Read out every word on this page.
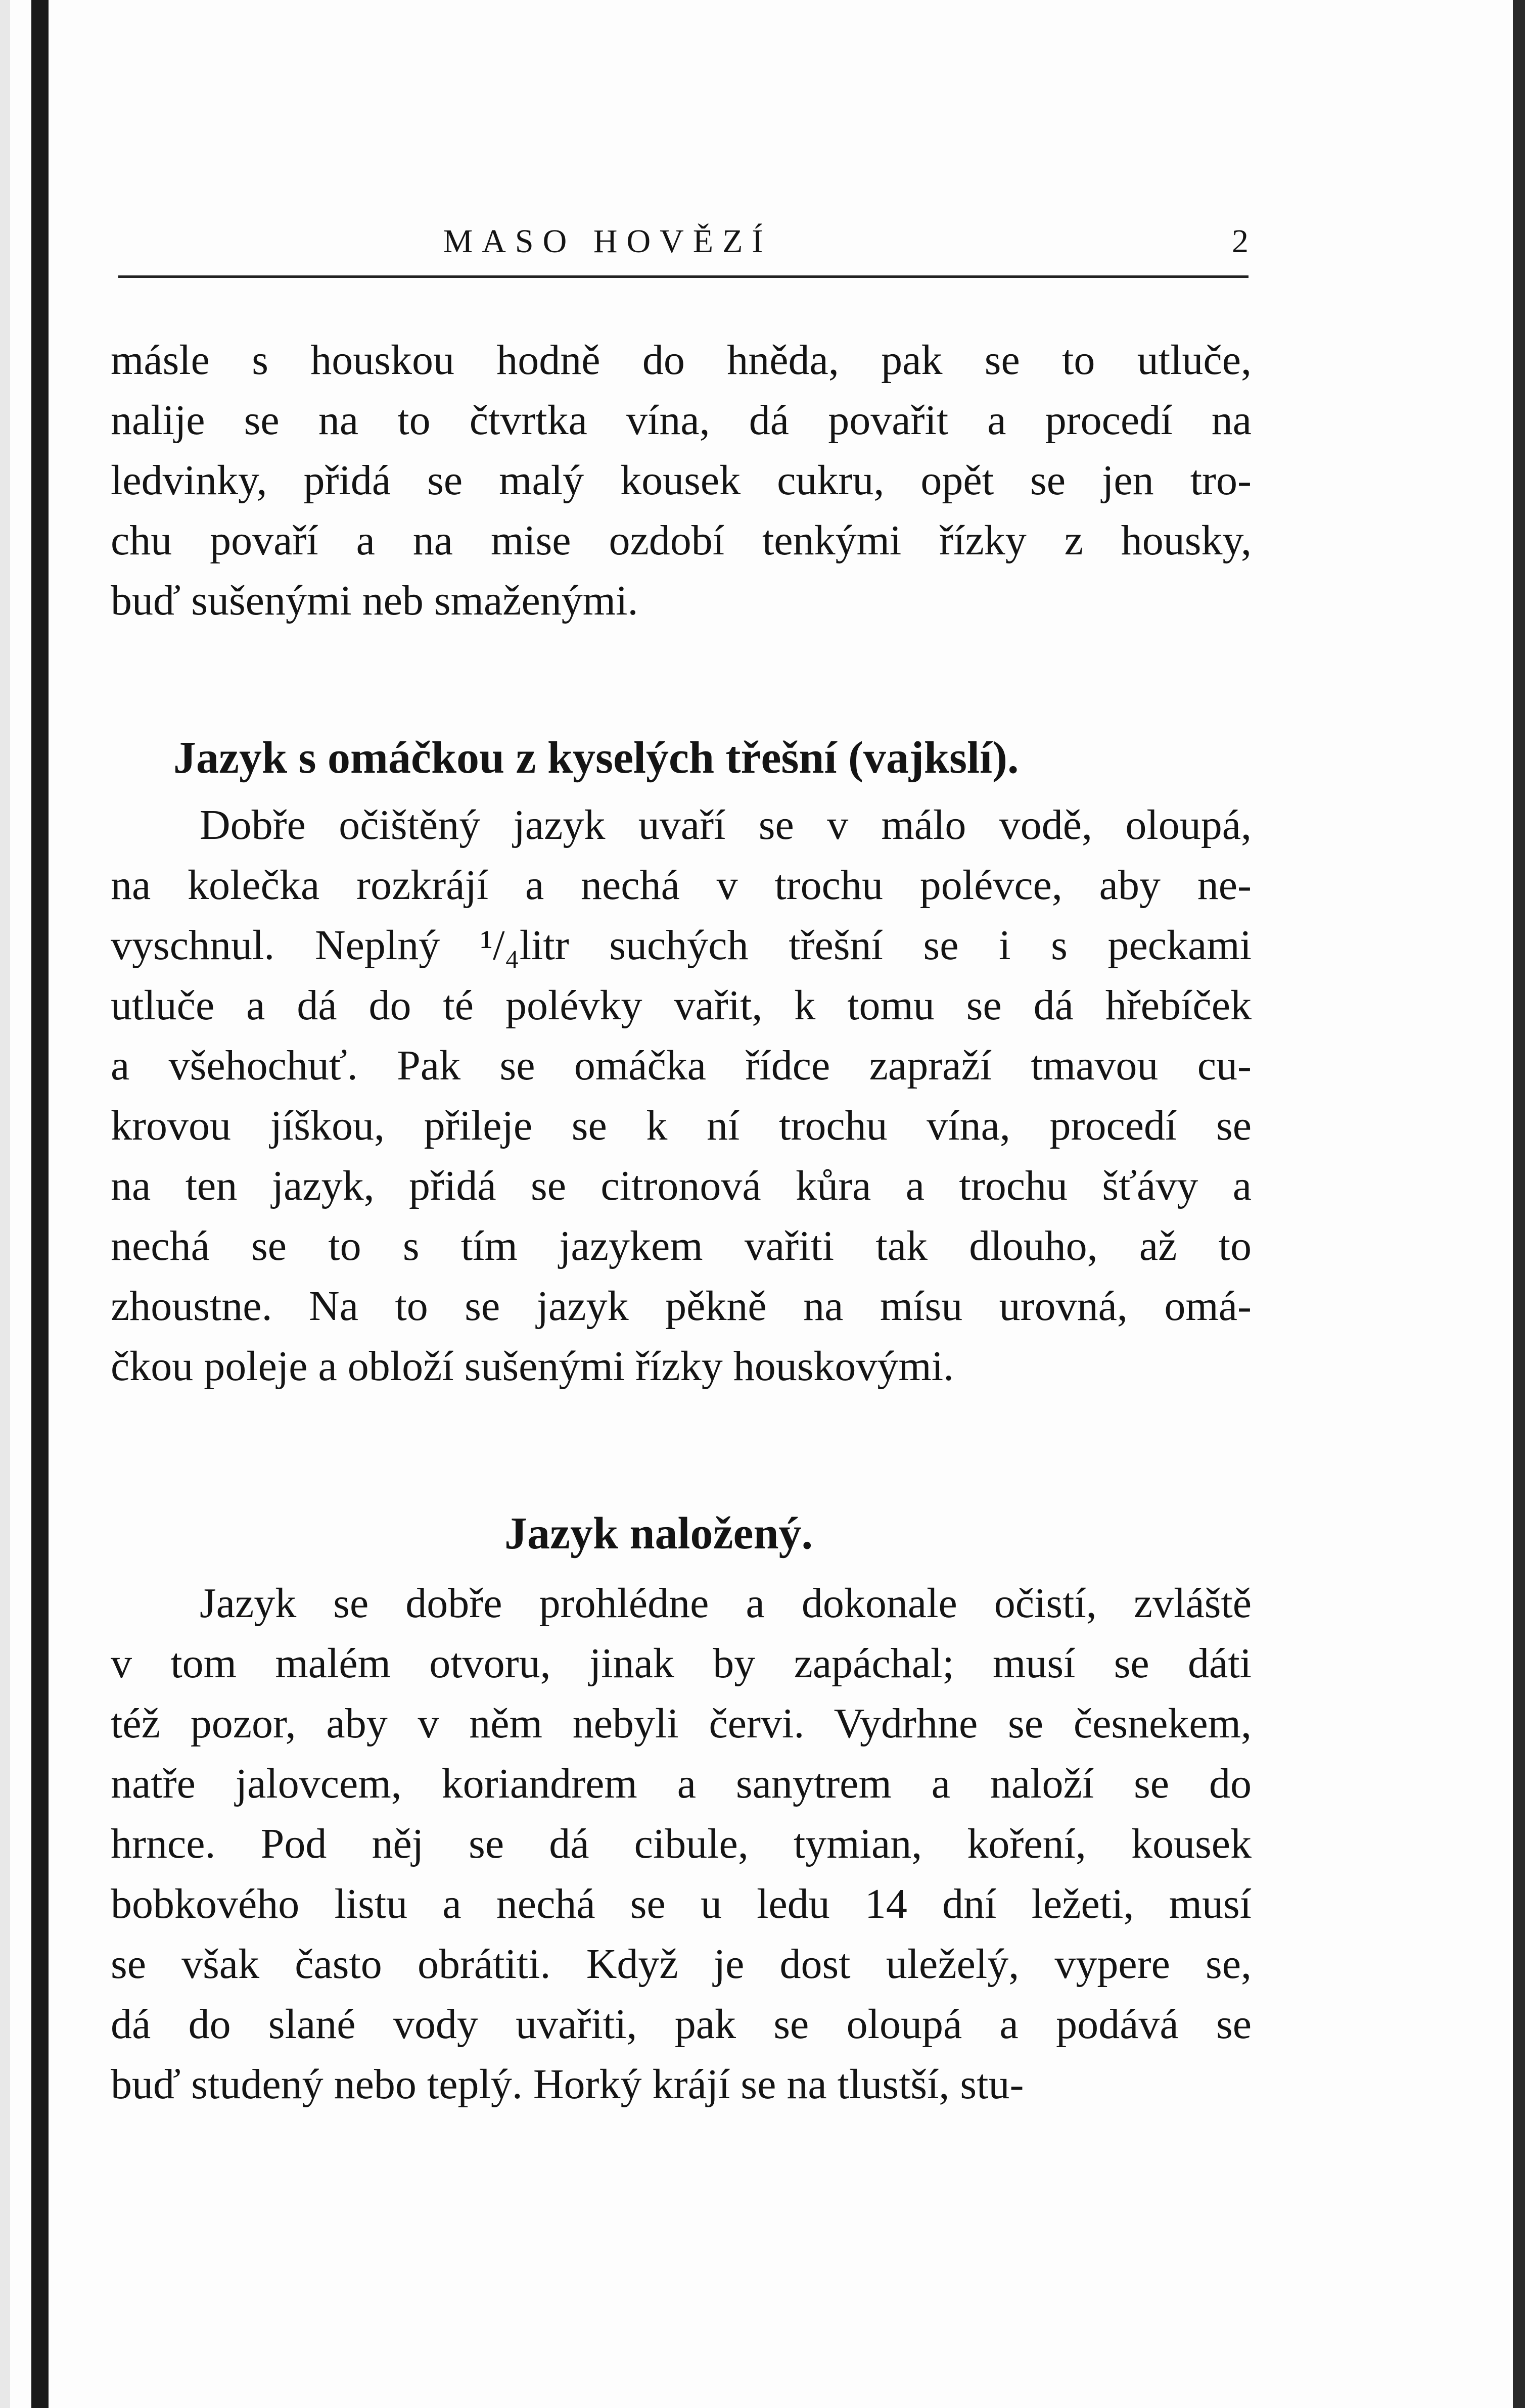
MASO HOVĚZÍ	2
másle s houskou hodně do hněda, pak se to utluče,
nalije se na to čtvrtka vína, dá povařit a procedí na
ledvinky, přidá se malý kousek cukru, opět se jen tro-
chu povaří a na mise ozdobí tenkými řízky z housky,
buď sušenými neb smaženými.
Jazyk s omáčkou z kyselých třešní (vajkslí).
Dobře očištěný jazyk uvaří se v málo vodě, oloupá,
na kolečka rozkrájí a nechá v trochu polévce, aby ne-
vyschnul. Neplný ¹/₄litr suchých třešní se i s peckami
utluče a dá do té polévky vařit, k tomu se dá hřebíček
a všehochuť. Pak se omáčka řídce zapraží tmavou cu-
krovou jíškou, přileje se k ní trochu vína, procedí se
na ten jazyk, přidá se citronová kůra a trochu šťávy a
nechá se to s tím jazykem vařiti tak dlouho, až to
zhoustne. Na to se jazyk pěkně na mísu urovná, omá-
čkou poleje a obloží sušenými řízky houskovými.
Jazyk naložený.
Jazyk se dobře prohlédne a dokonale očistí, zvláště
v tom malém otvoru, jinak by zapáchal; musí se dáti
též pozor, aby v něm nebyli červi. Vydrhne se česnekem,
natře jalovcem, koriandrem a sanytrem a naloží se do
hrnce. Pod něj se dá cibule, tymian, koření, kousek
bobkového listu a nechá se u ledu 14 dní ležeti, musí
se však často obrátiti. Když je dost uleželý, vypere se,
dá do slané vody uvařiti, pak se oloupá a podává se
buď studený nebo teplý. Horký krájí se na tlustší, stu-
